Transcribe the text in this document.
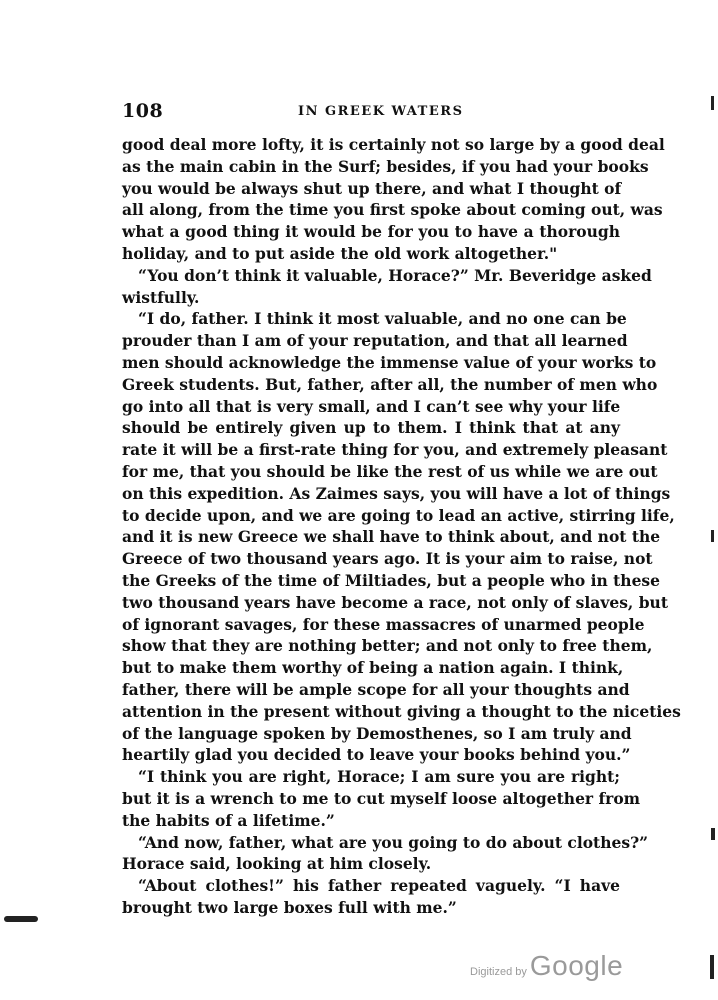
108	IN GREEK WATERS
good deal more lofty, it is certainly not so large by a good deal
as the main cabin in the Surf; besides, if you had your books
you would be always shut up there, and what I thought of
all along, from the time you first spoke about coming out, was
what a good thing it would be for you to have a thorough
holiday, and to put aside the old work altogether."
“You don’t think it valuable, Horace?” Mr. Beveridge asked
wistfully.
“I do, father. I think it most valuable, and no one can be
prouder than I am of your reputation, and that all learned
men should acknowledge the immense value of your works to
Greek students. But, father, after all, the number of men who
go into all that is very small, and I can’t see why your life
should be entirely given up to them. I think that at any
rate it will be a first-rate thing for you, and extremely pleasant
for me, that you should be like the rest of us while we are out
on this expedition. As Zaimes says, you will have a lot of things
to decide upon, and we are going to lead an active, stirring life,
and it is new Greece we shall have to think about, and not the
Greece of two thousand years ago. It is your aim to raise, not
the Greeks of the time of Miltiades, but a people who in these
two thousand years have become a race, not only of slaves, but
of ignorant savages, for these massacres of unarmed people
show that they are nothing better; and not only to free them,
but to make them worthy of being a nation again. I think,
father, there will be ample scope for all your thoughts and
attention in the present without giving a thought to the niceties
of the language spoken by Demosthenes, so I am truly and
heartily glad you decided to leave your books behind you.”
“I think you are right, Horace; I am sure you are right;
but it is a wrench to me to cut myself loose altogether from
the habits of a lifetime.”
“And now, father, what are you going to do about clothes?”
Horace said, looking at him closely.
“About clothes!” his father repeated vaguely. “I have
brought two large boxes full with me.”
Digitized by Google
